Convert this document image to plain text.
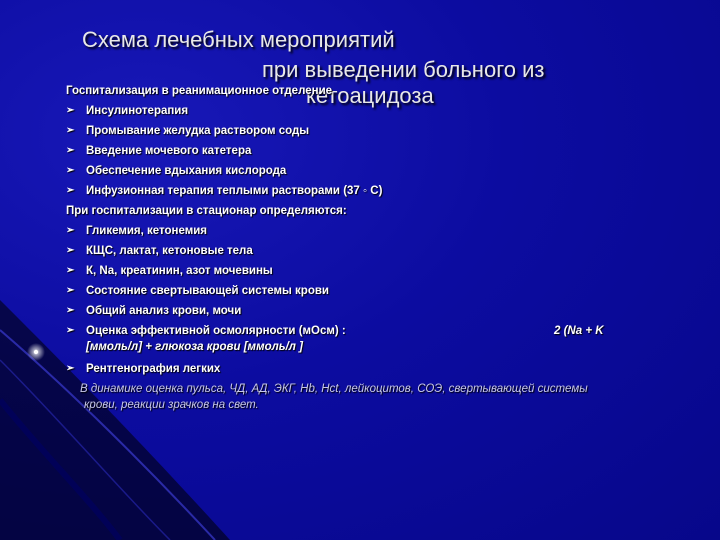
Схема лечебных мероприятий
при выведении больного из
кетоацидоза
Госпитализация в реанимационное отделение
➢ Инсулинотерапия
➢ Промывание желудка раствором соды
➢ Введение мочевого катетера
➢ Обеспечение вдыхания кислорода
➢ Инфузионная терапия теплыми растворами (37 ◦ С)
При госпитализации в стационар определяются:
➢ Гликемия, кетонемия
➢ КЩС, лактат, кетоновые тела
➢ К, Na, креатинин, азот мочевины
➢ Состояние свертывающей системы крови
➢ Общий анализ крови, мочи
➢ Оценка эффективной осмолярности (мОсм) :	2 (Na + K
[ммоль/л] + глюкоза крови [ммоль/л ]
➢ Рентгенография легких
В динамике оценка пульса, ЧД, АД, ЭКГ, Hb, Hct, лейкоцитов, СОЭ, свертывающей системы
крови, реакции зрачков на свет.
